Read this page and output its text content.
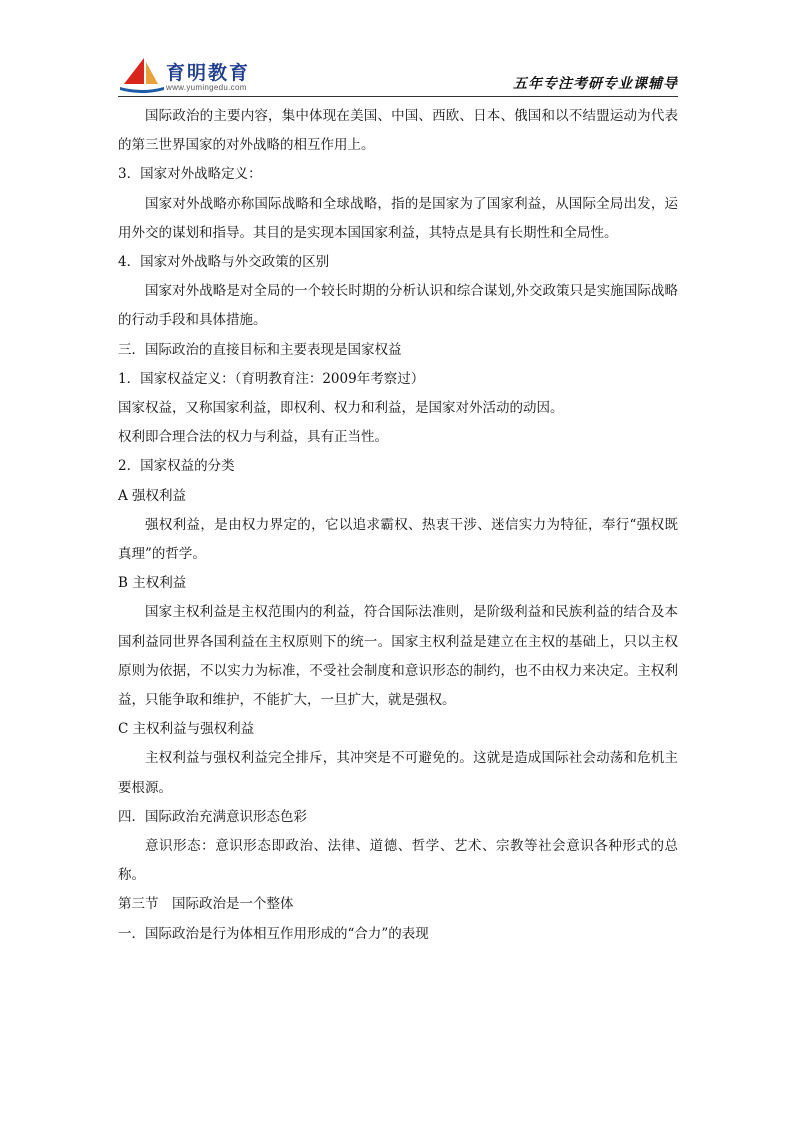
育明教育
www.yumingedu.com	五年专注考研专业课辅导

国际政治的主要内容，集中体现在美国、中国、西欧、日本、俄国和以不结盟运动为代表的第三世界国家的对外战略的相互作用上。

3．国家对外战略定义：

国家对外战略亦称国际战略和全球战略，指的是国家为了国家利益，从国际全局出发，运用外交的谋划和指导。其目的是实现本国国家利益，其特点是具有长期性和全局性。

4．国家对外战略与外交政策的区别

国家对外战略是对全局的一个较长时期的分析认识和综合谋划,外交政策只是实施国际战略的行动手段和具体措施。

三．国际政治的直接目标和主要表现是国家权益

1．国家权益定义：（育明教育注：2009年考察过）

国家权益，又称国家利益，即权利、权力和利益，是国家对外活动的动因。

权利即合理合法的权力与利益，具有正当性。

2．国家权益的分类

A 强权利益

强权利益，是由权力界定的，它以追求霸权、热衷干涉、迷信实力为特征，奉行“强权既真理”的哲学。

B 主权利益

国家主权利益是主权范围内的利益，符合国际法准则，是阶级利益和民族利益的结合及本国利益同世界各国利益在主权原则下的统一。国家主权利益是建立在主权的基础上，只以主权原则为依据，不以实力为标准，不受社会制度和意识形态的制约，也不由权力来决定。主权利益，只能争取和维护，不能扩大，一旦扩大，就是强权。

C 主权利益与强权利益

主权利益与强权利益完全排斥，其冲突是不可避免的。这就是造成国际社会动荡和危机主要根源。

四．国际政治充满意识形态色彩

意识形态：意识形态即政治、法律、道德、哲学、艺术、宗教等社会意识各种形式的总称。

第三节　国际政治是一个整体

一．国际政治是行为体相互作用形成的“合力”的表现
